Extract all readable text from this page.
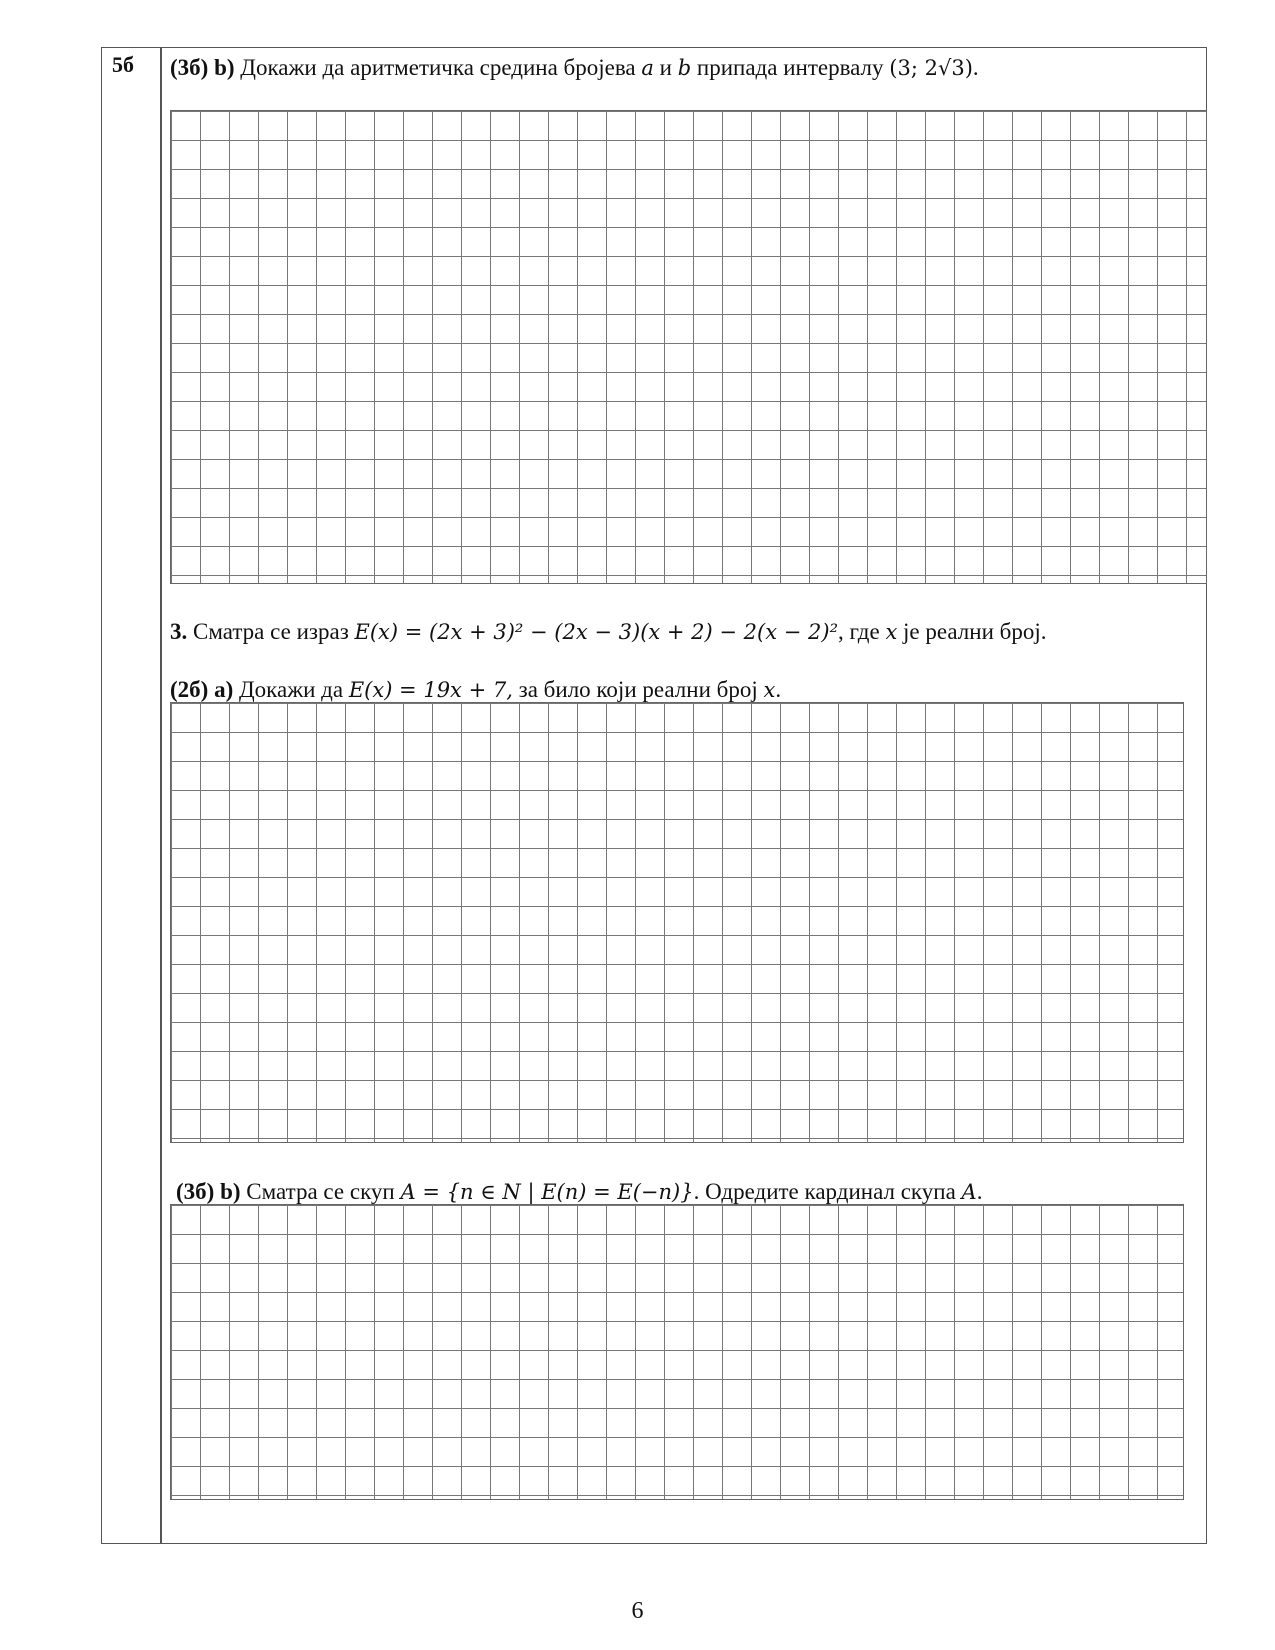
5б (3б) b) Докажи да аритметичка средина бројева a и b припада интервалу (3; 2√3).
3. Сматра се израз E(x) = (2x + 3)² − (2x − 3)(x + 2) − 2(x − 2)², где x је реални број.
(2б) а) Докажи да E(x) = 19x + 7, за било који реални број x.
(3б) b) Сматра се скуп A = {n ∈ N | E(n) = E(−n)}. Одредите кардинал скупа A.
6
